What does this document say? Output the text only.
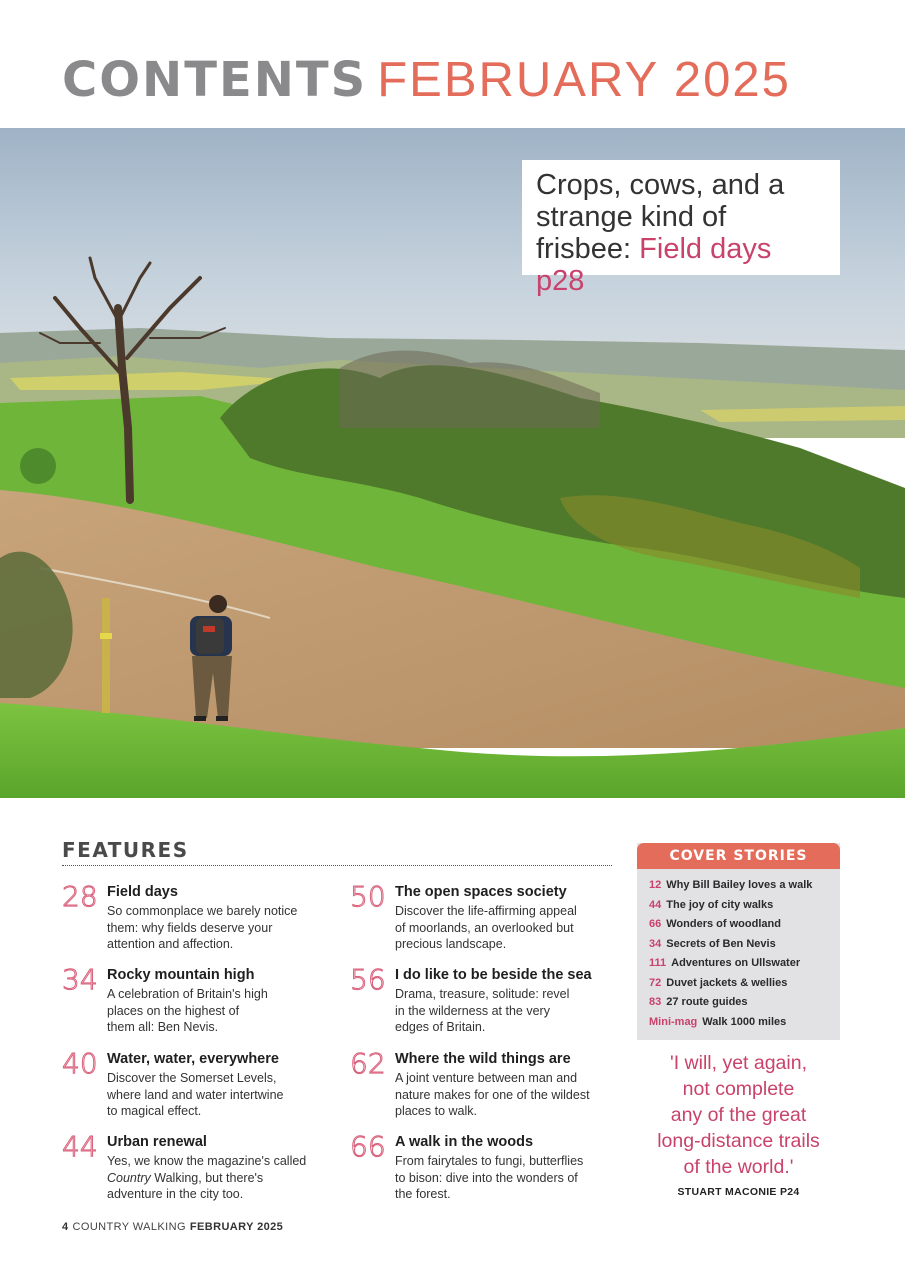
CONTENTS FEBRUARY 2025
Crops, cows, and a
strange kind of
frisbee: Field days p28
FEATURES
28 Field days
So commonplace we barely notice
them: why fields deserve your
attention and affection.
34 Rocky mountain high
A celebration of Britain's high
places on the highest of
them all: Ben Nevis.
40 Water, water, everywhere
Discover the Somerset Levels,
where land and water intertwine
to magical effect.
44 Urban renewal
Yes, we know the magazine's called
Country Walking, but there's
adventure in the city too.
50 The open spaces society
Discover the life-affirming appeal
of moorlands, an overlooked but
precious landscape.
56 I do like to be beside the sea
Drama, treasure, solitude: revel
in the wilderness at the very
edges of Britain.
62 Where the wild things are
A joint venture between man and
nature makes for one of the wildest
places to walk.
66 A walk in the woods
From fairytales to fungi, butterflies
to bison: dive into the wonders of
the forest.
COVER STORIES
12 Why Bill Bailey loves a walk
44 The joy of city walks
66 Wonders of woodland
34 Secrets of Ben Nevis
111 Adventures on Ullswater
72 Duvet jackets & wellies
83 27 route guides
Mini-mag Walk 1000 miles
'I will, yet again,
not complete
any of the great
long-distance trails
of the world.'
STUART MACONIE P24
4 COUNTRY WALKING FEBRUARY 2025
